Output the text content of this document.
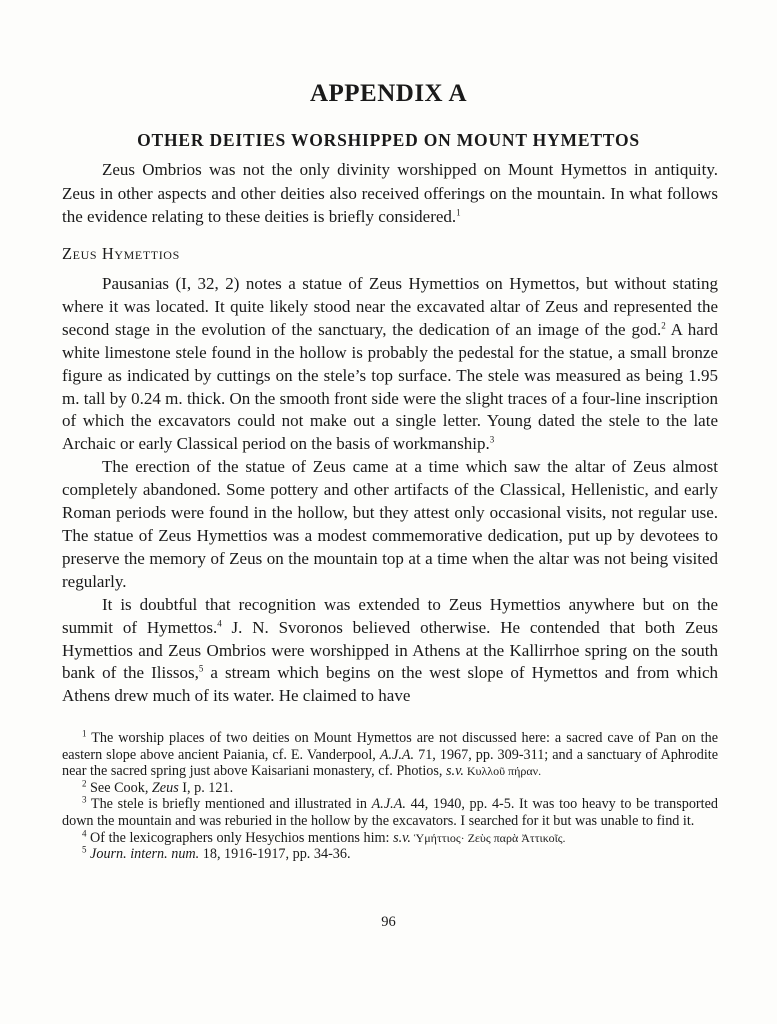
APPENDIX A
OTHER DEITIES WORSHIPPED ON MOUNT HYMETTOS

Zeus Ombrios was not the only divinity worshipped on Mount Hymettos in antiquity. Zeus in other aspects and other deities also received offerings on the mountain. In what follows the evidence relating to these deities is briefly considered.$^1$

Zeus Hymettios

Pausanias (I, 32, 2) notes a statue of Zeus Hymettios on Hymettos, but without stating where it was located. It quite likely stood near the excavated altar of Zeus and represented the second stage in the evolution of the sanctuary, the dedication of an image of the god.$^2$ A hard white limestone stele found in the hollow is probably the pedestal for the statue, a small bronze figure as indicated by cuttings on the stele’s top surface. The stele was measured as being 1.95 m. tall by 0.24 m. thick. On the smooth front side were the slight traces of a four-line inscription of which the excavators could not make out a single letter. Young dated the stele to the late Archaic or early Classical period on the basis of workmanship.$^3$

The erection of the statue of Zeus came at a time which saw the altar of Zeus almost completely abandoned. Some pottery and other artifacts of the Classical, Hellenistic, and early Roman periods were found in the hollow, but they attest only occasional visits, not regular use. The statue of Zeus Hymettios was a modest commemorative dedication, put up by devotees to preserve the memory of Zeus on the mountain top at a time when the altar was not being visited regularly.

It is doubtful that recognition was extended to Zeus Hymettios anywhere but on the summit of Hymettos.$^4$ J. N. Svoronos believed otherwise. He contended that both Zeus Hymettios and Zeus Ombrios were worshipped in Athens at the Kallirrhoe spring on the south bank of the Ilissos,$^5$ a stream which begins on the west slope of Hymettos and from which Athens drew much of its water. He claimed to have

$^1$ The worship places of two deities on Mount Hymettos are not discussed here: a sacred cave of Pan on the eastern slope above ancient Paiania, cf. E. Vanderpool, A.J.A. 71, 1967, pp. 309-311; and a sanctuary of Aphrodite near the sacred spring just above Kaisariani monastery, cf. Photios, s.v. Κυλλοῦ πήραν.

$^2$ See Cook, Zeus I, p. 121.

$^3$ The stele is briefly mentioned and illustrated in A.J.A. 44, 1940, pp. 4-5. It was too heavy to be transported down the mountain and was reburied in the hollow by the excavators. I searched for it but was unable to find it.

$^4$ Of the lexicographers only Hesychios mentions him: s.v. Ὑμήττιος· Ζεὺς παρὰ Ἀττικοῖς.

$^5$ Journ. intern. num. 18, 1916-1917, pp. 34-36.

96
